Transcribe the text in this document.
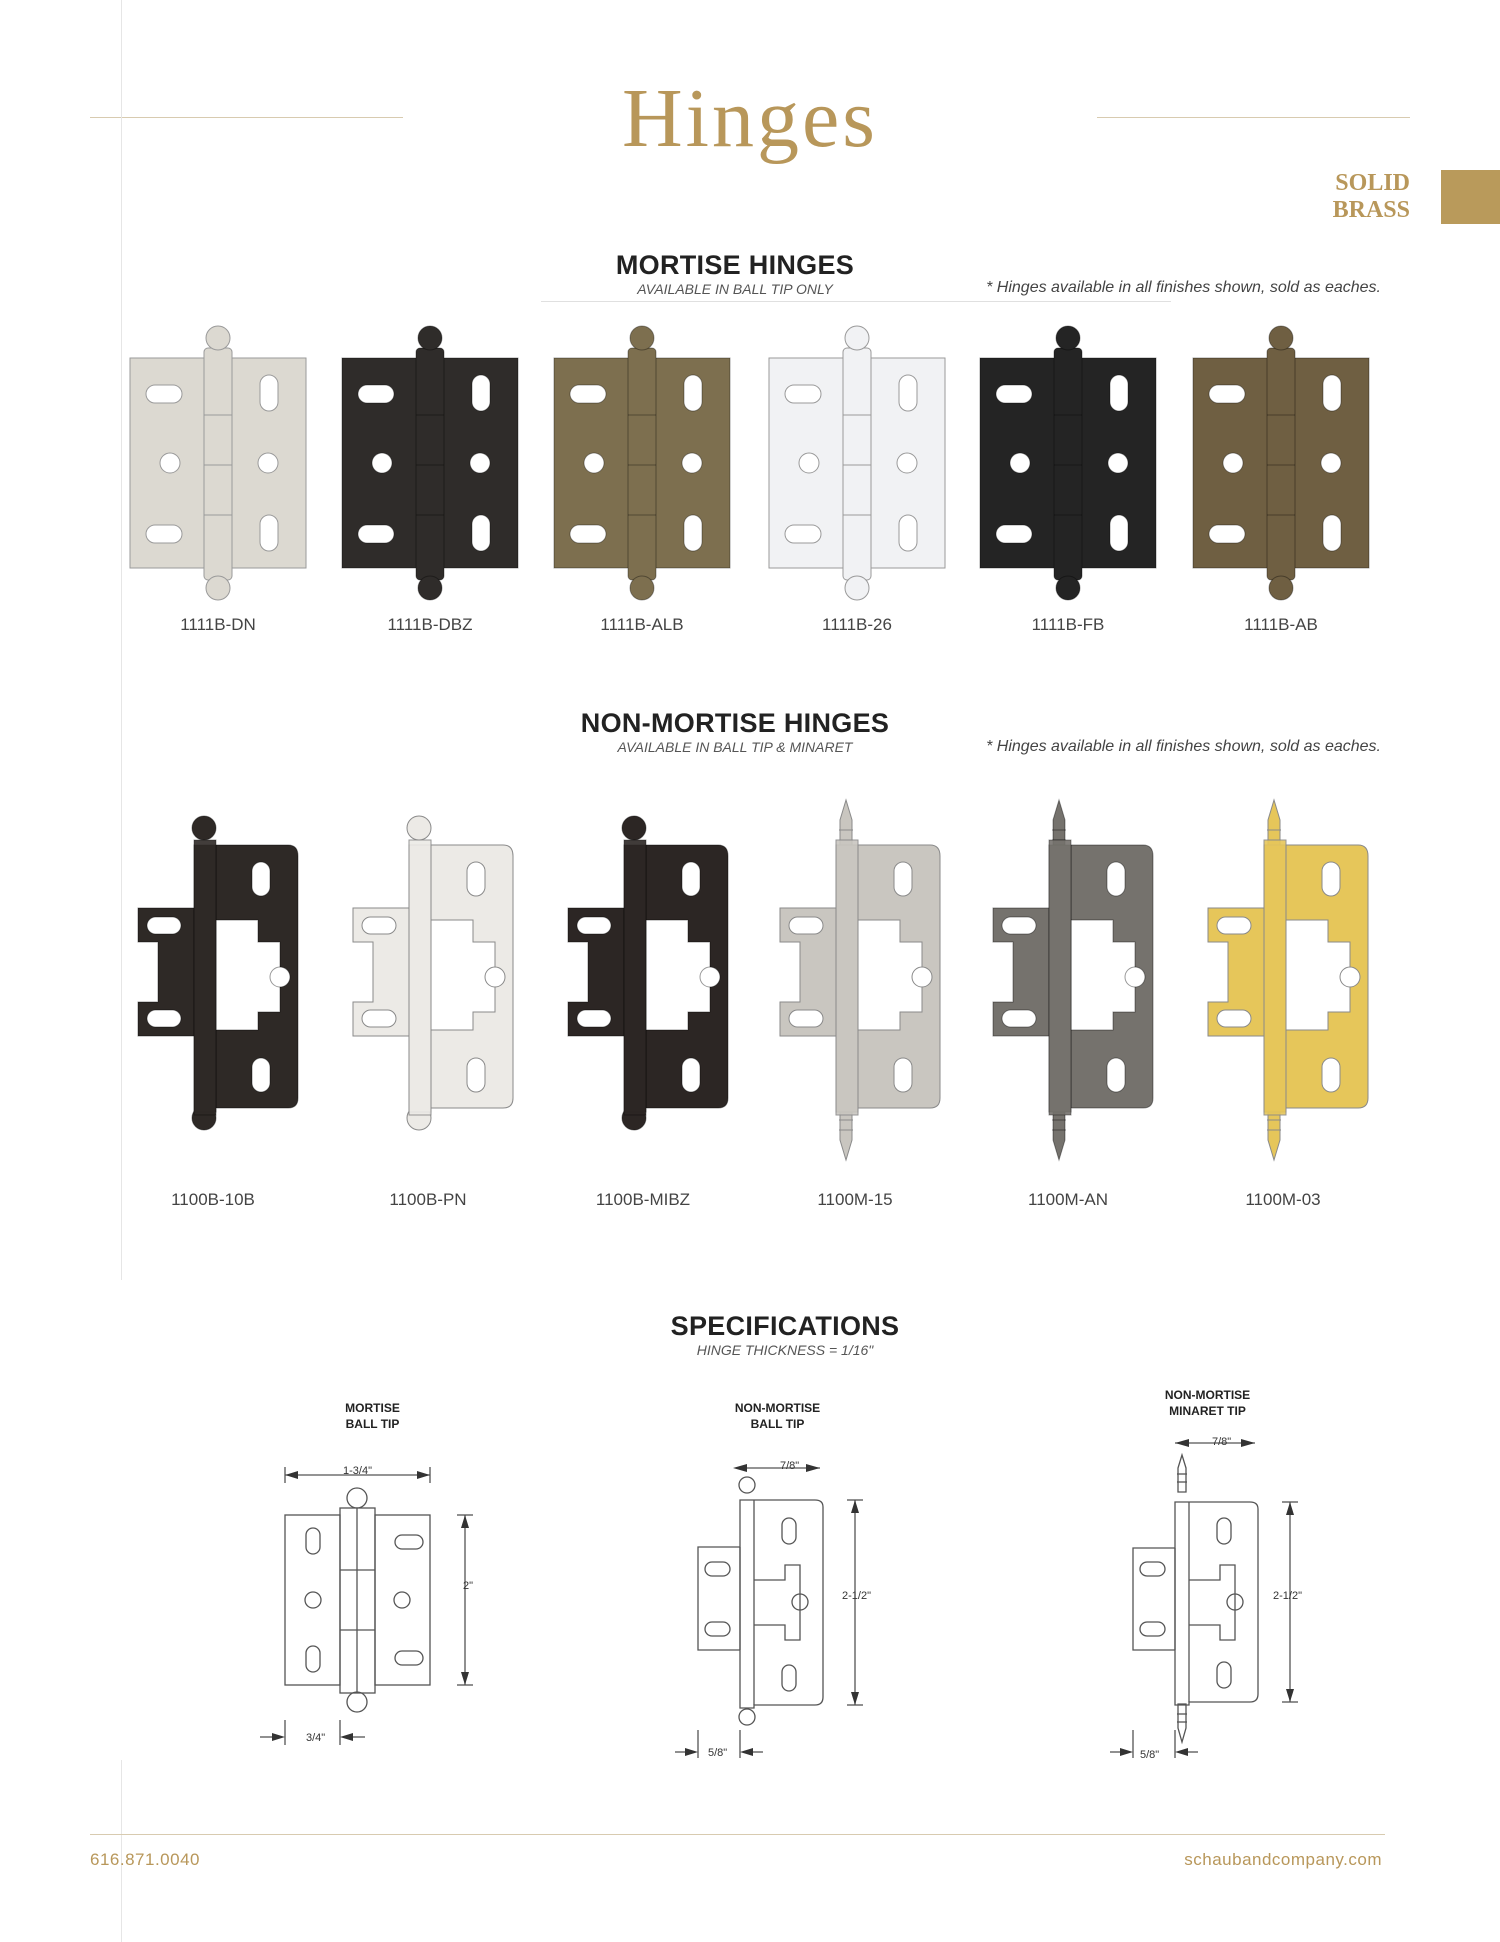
Hinges
SOLID
BRASS
MORTISE HINGES
AVAILABLE IN BALL TIP ONLY	* Hinges available in all finishes shown, sold as eaches.
1111B-DN	1111B-DBZ	1111B-ALB	1111B-26	1111B-FB	1111B-AB
NON-MORTISE HINGES
AVAILABLE IN BALL TIP & MINARET	* Hinges available in all finishes shown, sold as eaches.
1100B-10B	1100B-PN	1100B-MIBZ	1100M-15	1100M-AN	1100M-03
SPECIFICATIONS
HINGE THICKNESS = 1/16"
MORTISE
BALL TIP
1-3/4"
2"
3/4"
NON-MORTISE
BALL TIP
7/8"
2-1/2"
5/8"
NON-MORTISE
MINARET TIP
7/8"
2-1/2"
5/8"
616.871.0040	schaubandcompany.com
